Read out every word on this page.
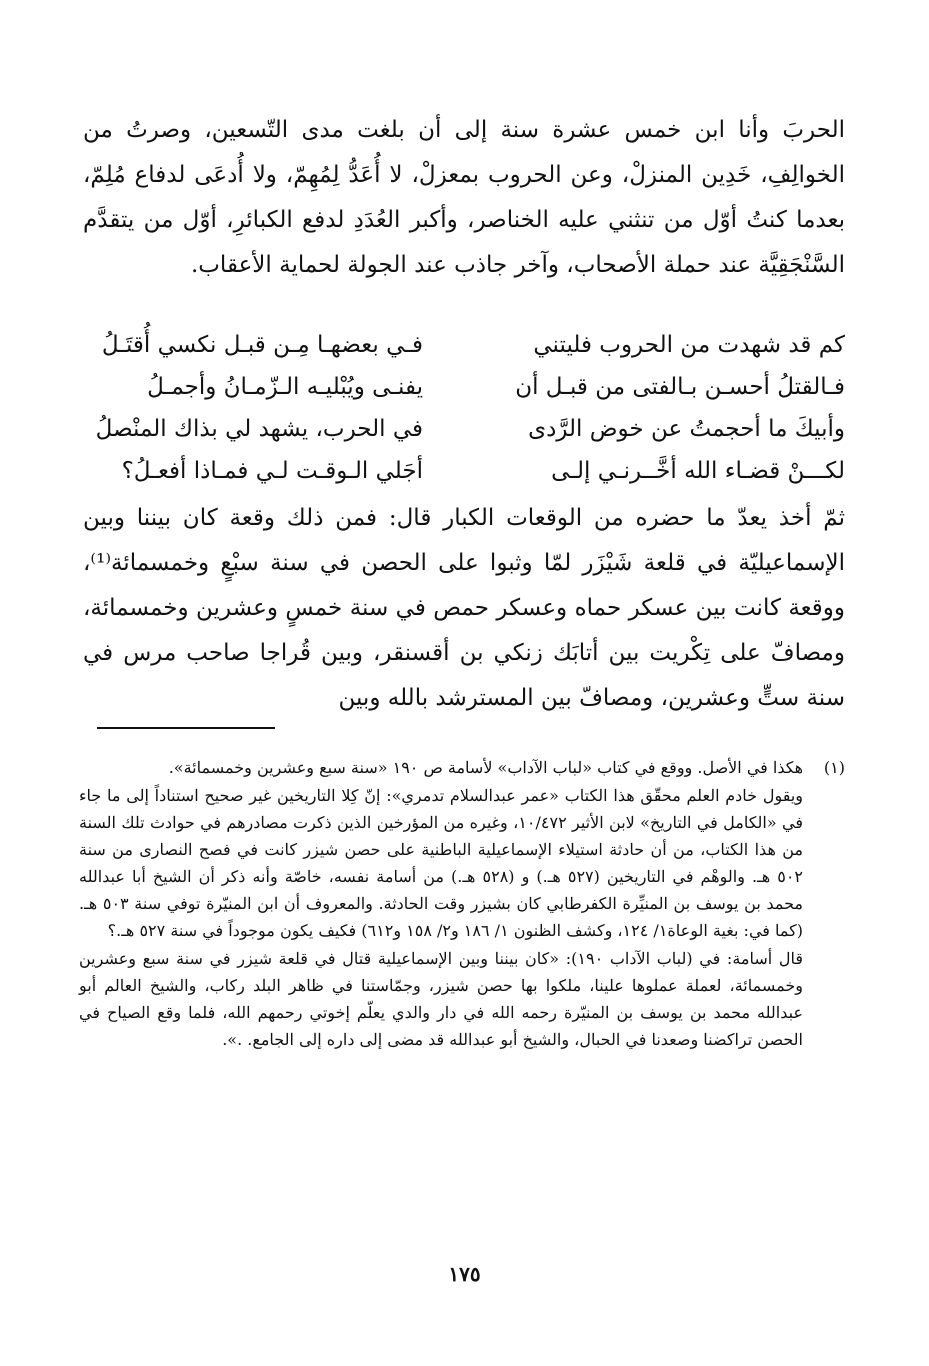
الحربَ وأنا ابن خمس عشرة سنة إلى أن بلغت مدى التّسعين، وصرتُ من الخوالِفِ، خَدِين المنزلْ، وعن الحروب بمعزلْ، لا أُعَدُّ لِمُهِمّ، ولا أُدعَى لدفاع مُلِمّ، بعدما كنتُ أوّل من تنثني عليه الخناصر، وأكبر العُدَدِ لدفع الكبائرِ، أوّل من يتقدَّم السَّنْجَقِيَّة عند حملة الأصحاب، وآخر جاذب عند الجولة لحماية الأعقاب.

كم قد شهدت من الحروب فليتني
فـي بعضهـا مِـن قبـل نكسي أُقتَـلُ
فـالقتلُ أحسـن بـالفتى من قبـل أن
يفنـى ويُبْليـه الـزّمـانُ وأجمـلُ
وأبيكَ ما أحجمتُ عن خوض الرَّدى
في الحرب، يشهد لي بذاك المنْصلُ
لكـــنْ قضـاء الله أخَّــرنـي إلـى
أجَلي الـوقـت لـي فمـاذا أفعـلُ؟

ثمّ أخذ يعدّ ما حضره من الوقعات الكبار قال: فمن ذلك وقعة كان بيننا وبين الإسماعيليّة في قلعة شَيْزَر لمّا وثبوا على الحصن في سنة سبْعٍ وخمسمائة⁽¹⁾، ووقعة كانت بين عسكر حماه وعسكر حمص في سنة خمسٍ وعشرين وخمسمائة، ومصافّ على تِكْريت بين أتابَك زنكي بن أقسنقر، وبين قُراجا صاحب مرس في سنة ستٍّ وعشرين، ومصافّ بين المسترشد بالله وبين

(١)

هكذا في الأصل. ووقع في كتاب «لباب الآداب» لأسامة ص ١٩٠ «سنة سبع وعشرين وخمسمائة».

ويقول خادم العلم محقّق هذا الكتاب «عمر عبدالسلام تدمري»: إنّ كِلا التاريخين غير صحيح استناداً إلى ما جاء في «الكامل في التاريخ» لابن الأثير ١٠/٤٧٢، وغيره من المؤرخين الذين ذكرت مصادرهم في حوادث تلك السنة من هذا الكتاب، من أن حادثة استيلاء الإسماعيلية الباطنية على حصن شيزر كانت في فصح النصارى من سنة ٥٠٢ هـ. والوهْم في التاريخين (٥٢٧ هـ.) و (٥٢٨ هـ.) من أسامة نفسه، خاصّة وأنه ذكر أن الشيخ أبا عبدالله محمد بن يوسف بن المنيِّرة الكفرطابي كان بشيزر وقت الحادثة. والمعروف أن ابن المنيّرة توفي سنة ٥٠٣ هـ. (كما في: بغية الوعاة١/ ١٢٤، وكشف الظنون ١/ ١٨٦ و٢/ ١٥٨ و٦١٢) فكيف يكون موجوداً في سنة ٥٢٧ هـ.؟

قال أسامة: في (لباب الآداب ١٩٠): «كان بيننا وبين الإسماعيلية قتال في قلعة شيزر في سنة سبع وعشرين وخمسمائة، لعملة عملوها علينا، ملكوا بها حصن شيزر، وجمّاستنا في ظاهر البلد ركاب، والشيخ العالم أبو عبدالله محمد بن يوسف بن المنيّرة رحمه الله في دار والدي يعلّم إخوتي رحمهم الله، فلما وقع الصياح في الحصن تراكضنا وصعدنا في الحبال، والشيخ أبو عبدالله قد مضى إلى داره إلى الجامع. .».

١٧٥
